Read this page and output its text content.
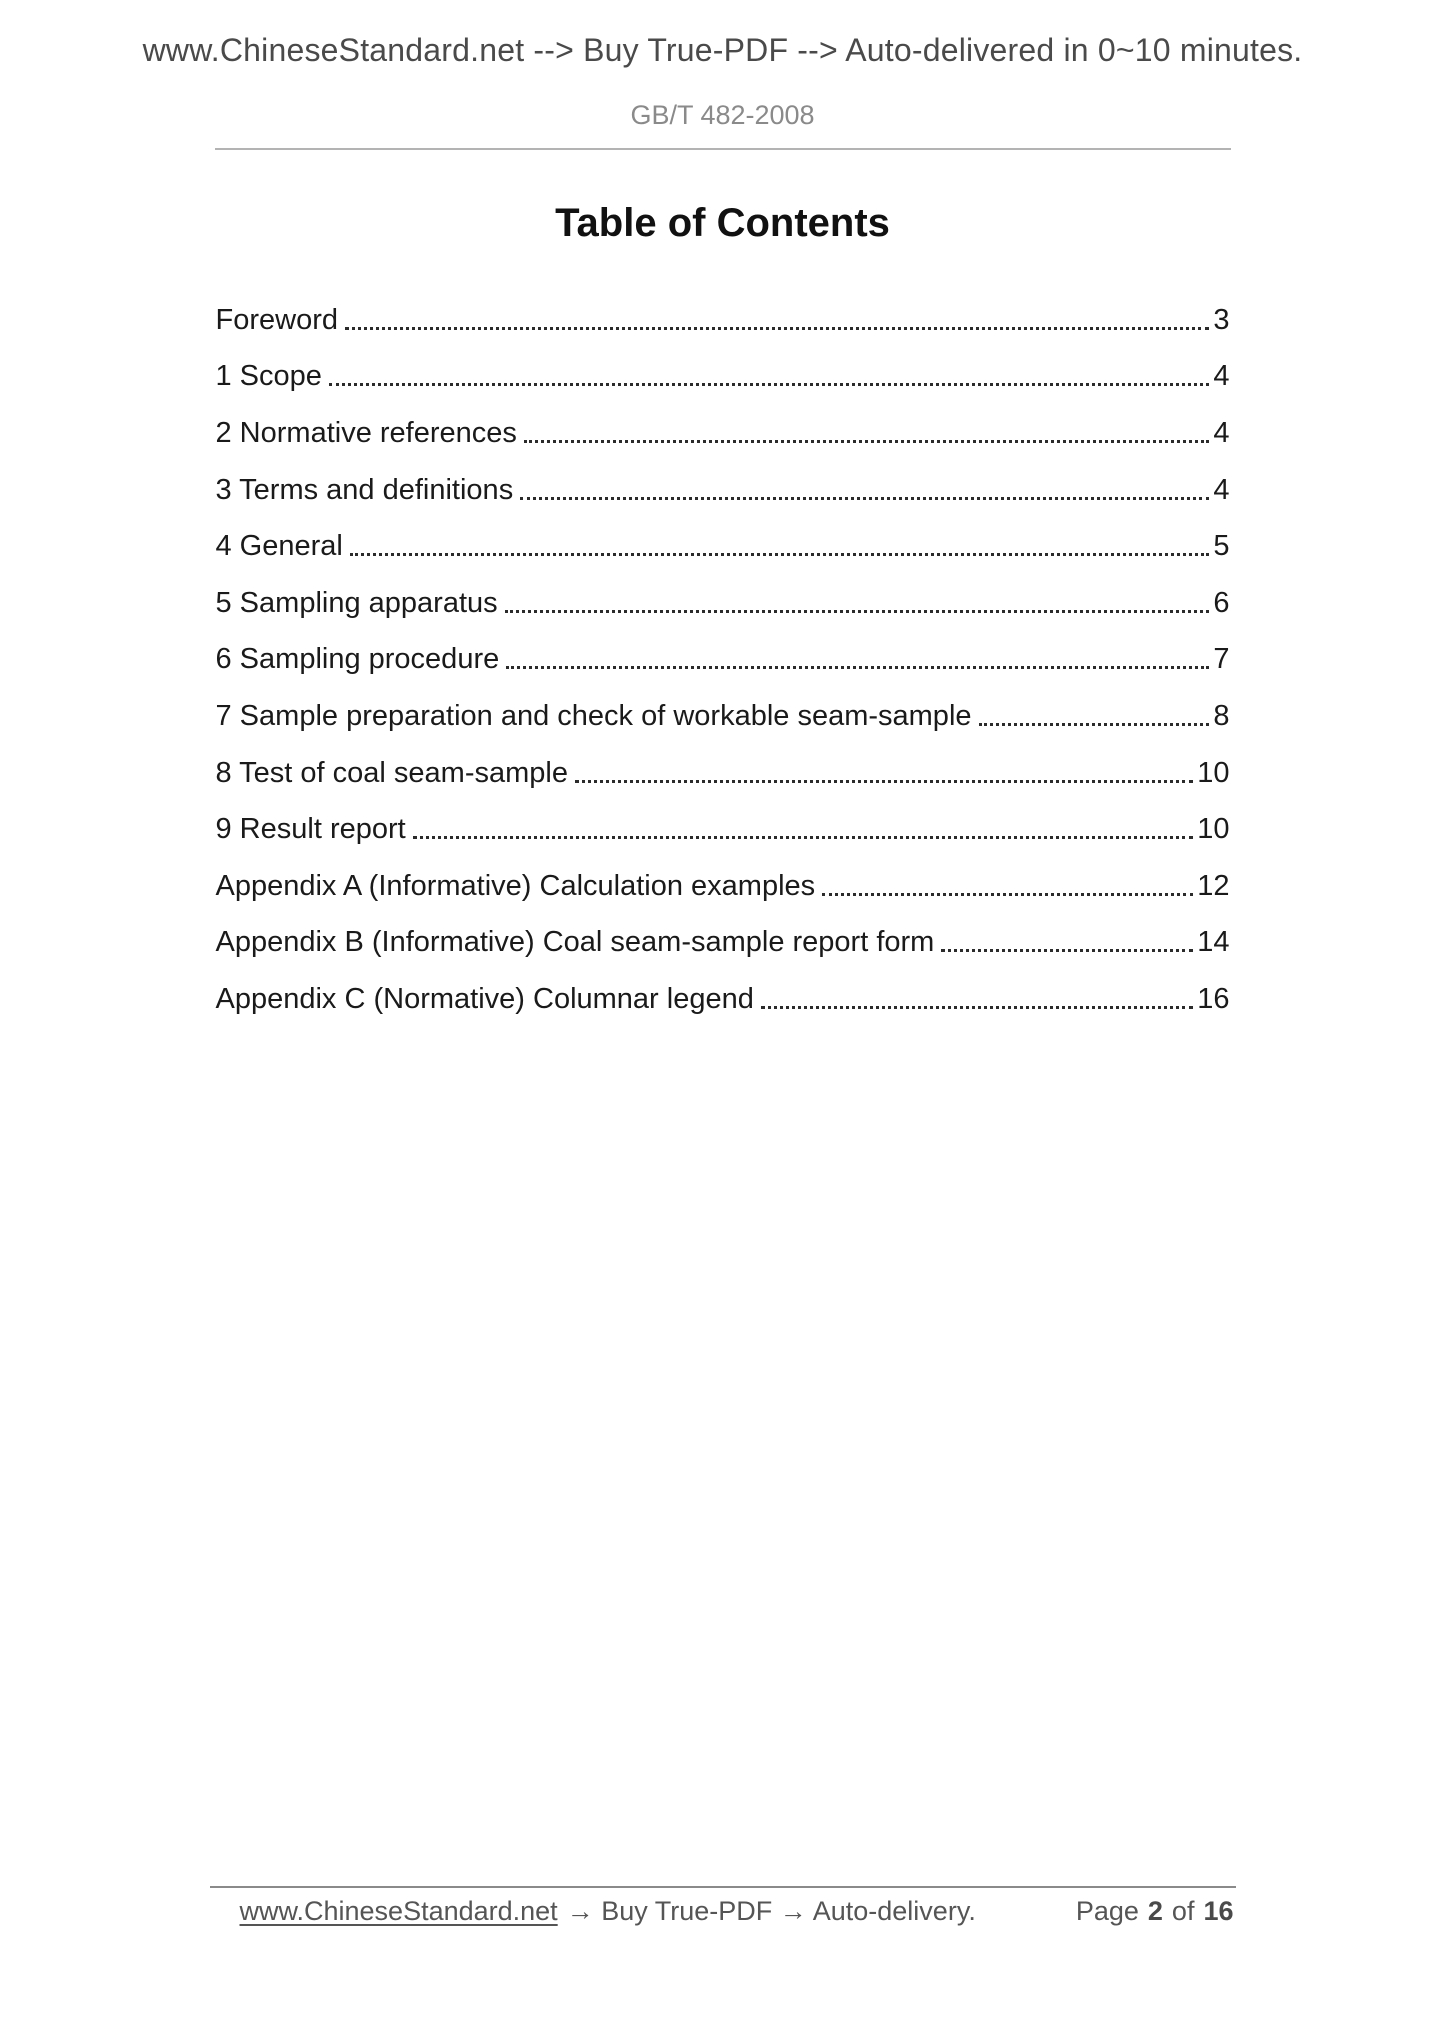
www.ChineseStandard.net --> Buy True-PDF --> Auto-delivered in 0~10 minutes.
GB/T 482-2008
Table of Contents
Foreword	3
1 Scope	4
2 Normative references	4
3 Terms and definitions	4
4 General	5
5 Sampling apparatus	6
6 Sampling procedure	7
7 Sample preparation and check of workable seam-sample	8
8 Test of coal seam-sample	10
9 Result report	10
Appendix A (Informative) Calculation examples	12
Appendix B (Informative) Coal seam-sample report form	14
Appendix C (Normative) Columnar legend	16
www.ChineseStandard.net → Buy True-PDF → Auto-delivery.	Page 2 of 16
